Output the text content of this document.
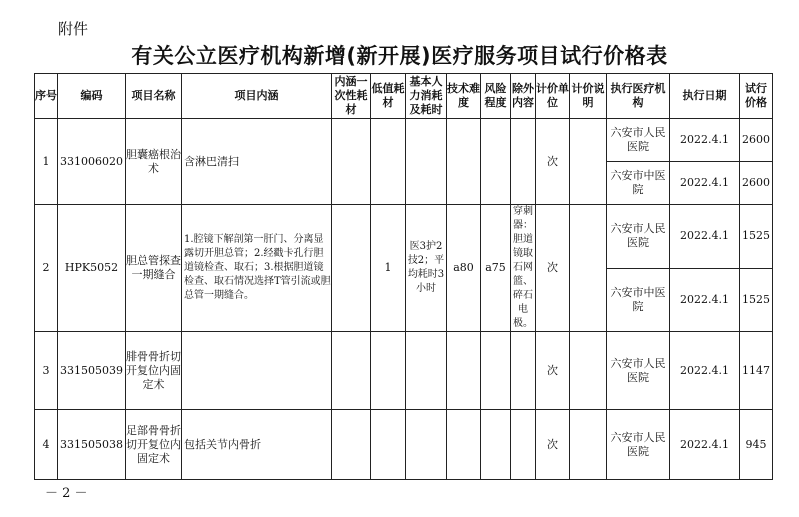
附件
有关公立医疗机构新增(新开展)医疗服务项目试行价格表
序号	编码	项目名称	项目内涵	内涵一次性耗材	低值耗材	基本人力消耗及耗时	技术难度	风险程度	除外内容	计价单位	计价说明	执行医疗机构	执行日期	试行价格
1	331006020	胆囊癌根治术	含淋巴清扫							次		六安市人民医院	2022.4.1	2600
												六安市中医院	2022.4.1	2600
2	HPK5052	胆总管探查一期缝合	1.腔镜下解剖第一肝门、分离显露切开胆总管；2.经戳卡孔行胆道镜检查、取石；3.根据胆道镜检查、取石情况选择T管引流或胆总管一期缝合。		1	医3护2技2；平均耗时3小时	a80	a75	穿刺器：胆道镜取石网篮、碎石电极。	次		六安市人民医院	2022.4.1	1525
												六安市中医院	2022.4.1	1525
3	331505039	腓骨骨折切开复位内固定术								次		六安市人民医院	2022.4.1	1147
4	331505038	足部骨骨折切开复位内固定术	包括关节内骨折							次		六安市人民医院	2022.4.1	945
－ 2 －
